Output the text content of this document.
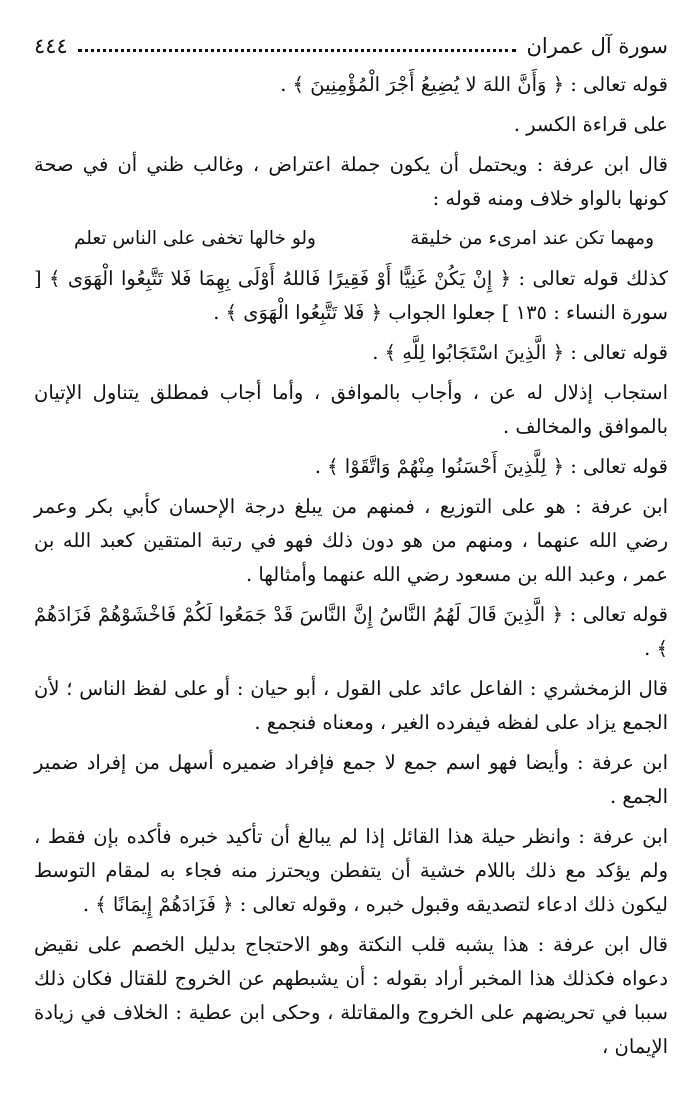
سورة آل عمران
٤٤٤

قوله تعالى : ﴿ وَأَنَّ اللهَ لا يُضِيعُ أَجْرَ الْمُؤْمِنِينَ ﴾ .

على قراءة الكسر .

قال ابن عرفة : ويحتمل أن يكون جملة اعتراض ، وغالب ظني أن في صحة كونها بالواو خلاف ومنه قوله :

ومهما تكن عند امرىء من خليقة
ولو خالها تخفى على الناس تعلم

كذلك قوله تعالى : ﴿ إِنْ يَكُنْ غَنِيًّا أَوْ فَقِيرًا فَاللهُ أَوْلَى بِهِمَا فَلا تَتَّبِعُوا الْهَوَى ﴾ [ سورة النساء : ١٣٥ ] جعلوا الجواب ﴿ فَلا تَتَّبِعُوا الْهَوَى ﴾ .

قوله تعالى : ﴿ الَّذِينَ اسْتَجَابُوا لِلَّهِ ﴾ .

استجاب إذلال له عن ، وأجاب بالموافق ، وأما أجاب فمطلق يتناول الإتيان بالموافق والمخالف .

قوله تعالى : ﴿ لِلَّذِينَ أَحْسَنُوا مِنْهُمْ وَاتَّقَوْا ﴾ .

ابن عرفة : هو على التوزيع ، فمنهم من يبلغ درجة الإحسان كأبي بكر وعمر رضي الله عنهما ، ومنهم من هو دون ذلك فهو في رتبة المتقين كعبد الله بن عمر ، وعبد الله بن مسعود رضي الله عنهما وأمثالها .

قوله تعالى : ﴿ الَّذِينَ قَالَ لَهُمُ النَّاسُ إِنَّ النَّاسَ قَدْ جَمَعُوا لَكُمْ فَاخْشَوْهُمْ فَزَادَهُمْ ﴾ .

قال الزمخشري : الفاعل عائد على القول ، أبو حيان : أو على لفظ الناس ؛ لأن الجمع يزاد على لفظه فيفرده الغير ، ومعناه فنجمع .

ابن عرفة : وأيضا فهو اسم جمع لا جمع فإفراد ضميره أسهل من إفراد ضمير الجمع .

ابن عرفة : وانظر حيلة هذا القائل إذا لم يبالغ أن تأكيد خبره فأكده بإن فقط ، ولم يؤكد مع ذلك باللام خشية أن يتفطن ويحترز منه فجاء به لمقام التوسط ليكون ذلك ادعاء لتصديقه وقبول خبره ، وقوله تعالى : ﴿ فَزَادَهُمْ إِيمَانًا ﴾ .

قال ابن عرفة : هذا يشبه قلب النكتة وهو الاحتجاج بدليل الخصم على نقيض دعواه فكذلك هذا المخبر أراد بقوله : أن يشبطهم عن الخروج للقتال فكان ذلك سببا في تحريضهم على الخروج والمقاتلة ، وحكى ابن عطية : الخلاف في زيادة الإيمان ،
